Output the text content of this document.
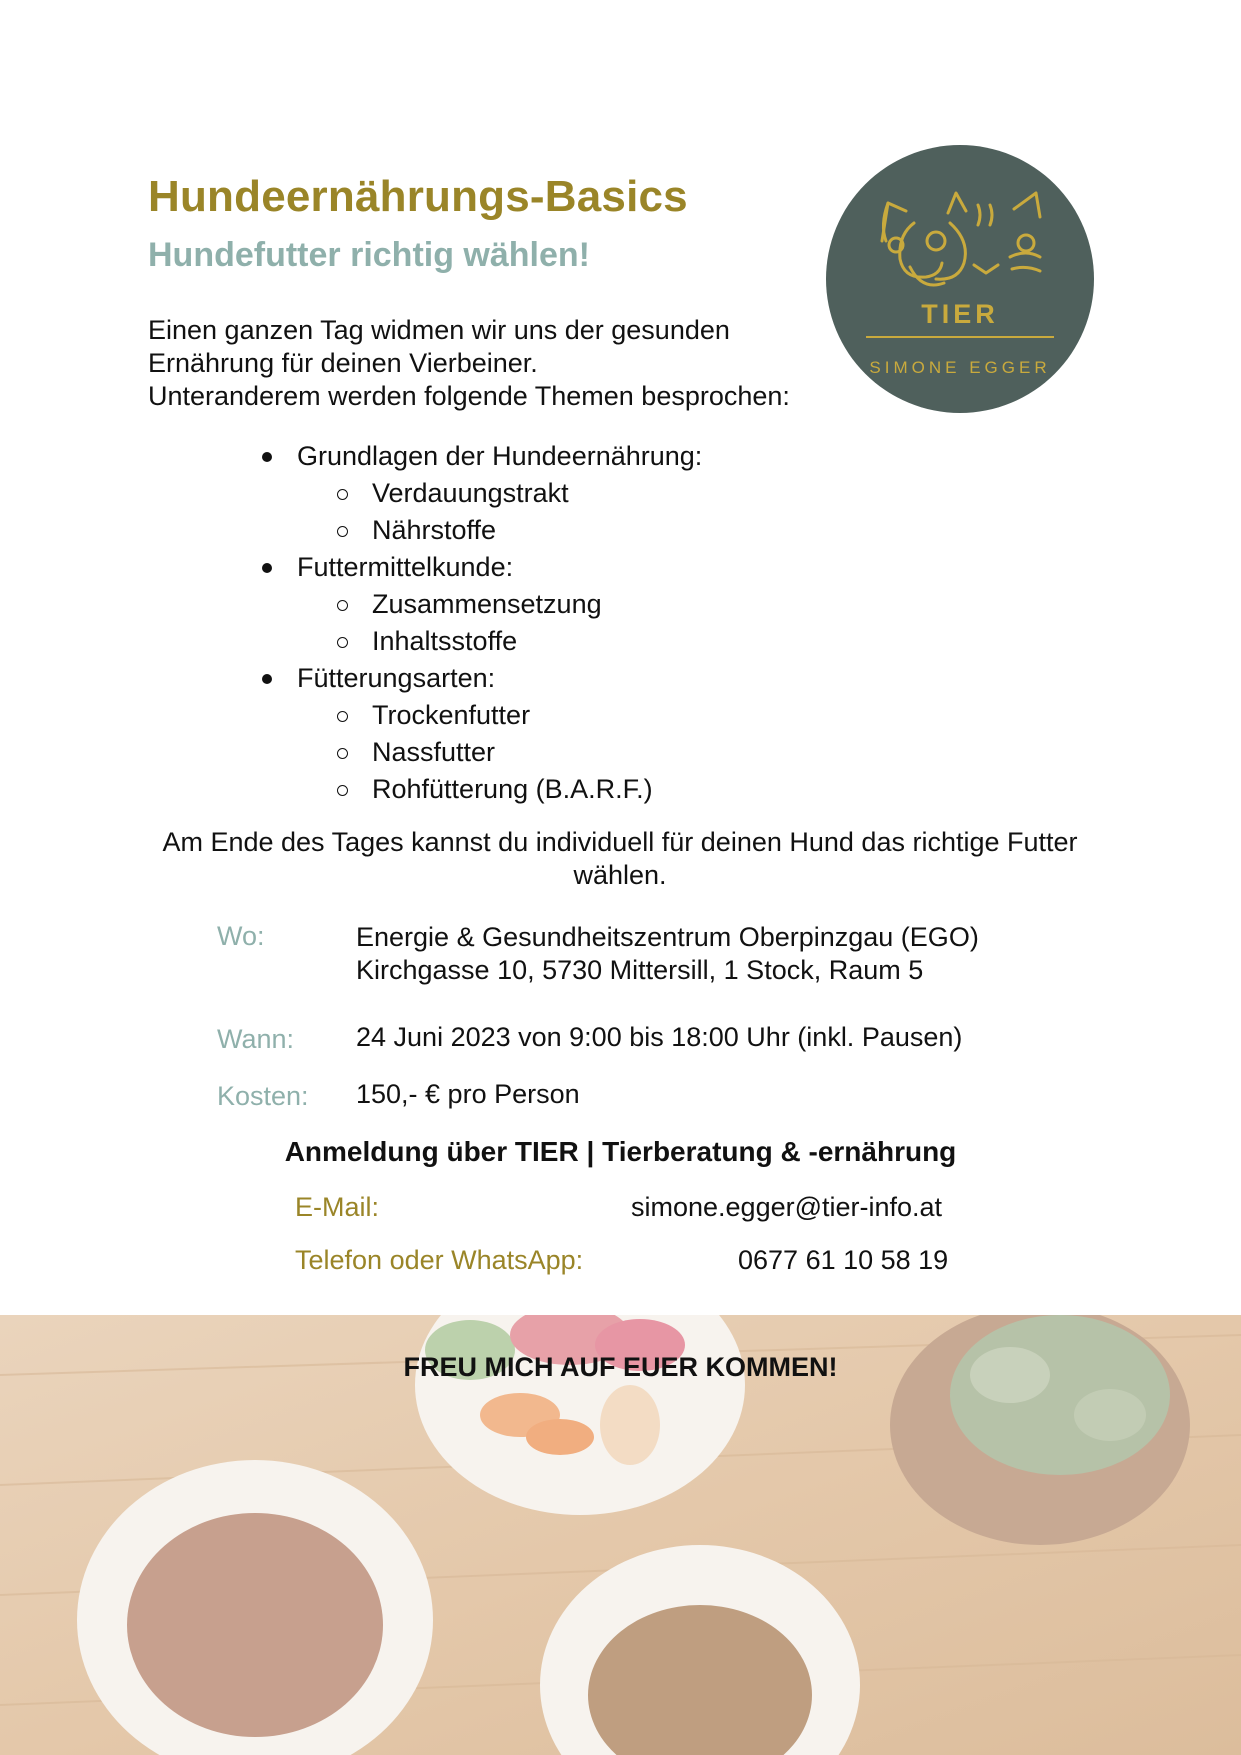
Hundeernährungs-Basics
Hundefutter richtig wählen!
TIER
SIMONE EGGER
Einen ganzen Tag widmen wir uns der gesunden
Ernährung für deinen Vierbeiner.
Unteranderem werden folgende Themen besprochen:
Grundlagen der Hundeernährung:
Verdauungstrakt
Nährstoffe
Futtermittelkunde:
Zusammensetzung
Inhaltsstoffe
Fütterungsarten:
Trockenfutter
Nassfutter
Rohfütterung (B.A.R.F.)
Am Ende des Tages kannst du individuell für deinen Hund das richtige Futter wählen.
Wo:	Energie & Gesundheitszentrum Oberpinzgau (EGO)
Kirchgasse 10, 5730 Mittersill, 1 Stock, Raum 5
Wann: 24 Juni 2023 von 9:00 bis 18:00 Uhr (inkl. Pausen)
Kosten: 150,- € pro Person
Anmeldung über TIER | Tierberatung & -ernährung
E-Mail:	simone.egger@tier-info.at
Telefon oder WhatsApp:	0677 61 10 58 19
FREU MICH AUF EUER KOMMEN!
